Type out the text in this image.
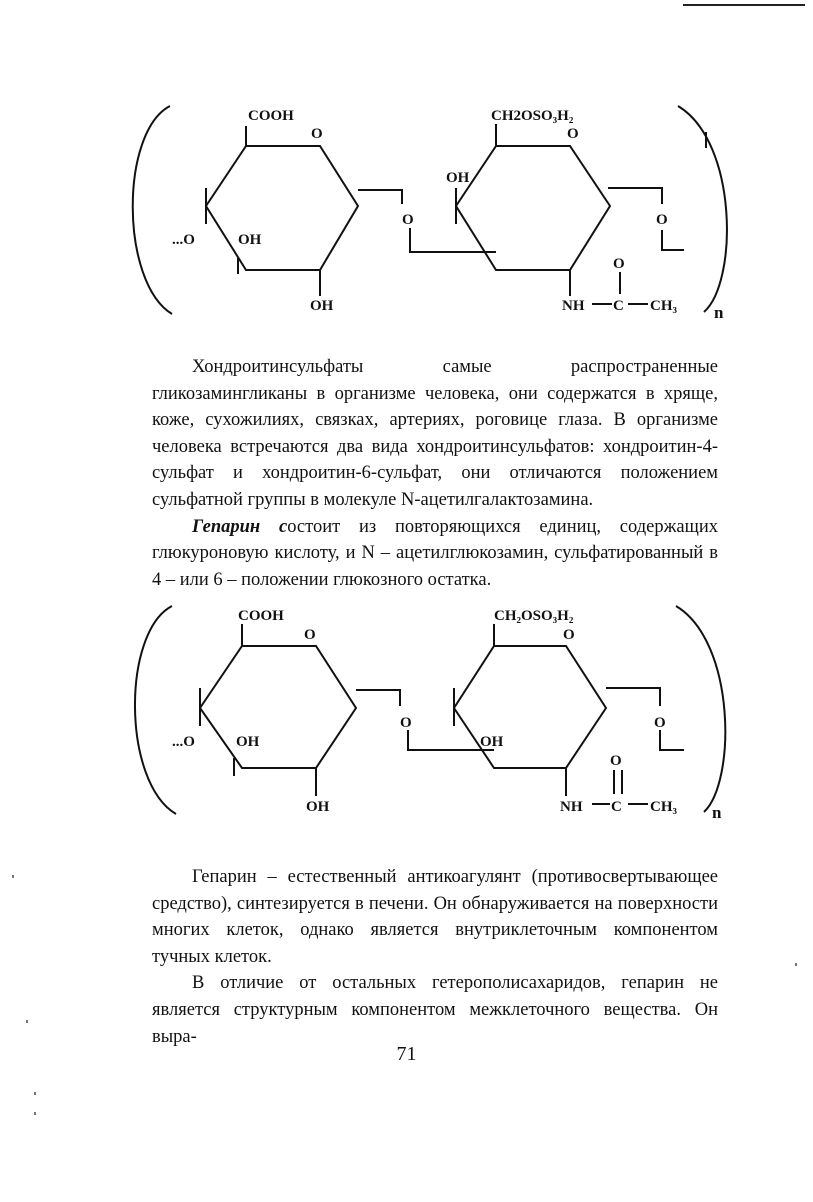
COOH
O
CH2OSO₃H₂
O
OH
...O	OH
O	O
O
OH	NH C CH₃ n

Хондроитинсульфаты самые распространенные гликозамингликаны в организме человека, они содержатся в хряще, коже, сухожилиях, связках, артериях, роговице глаза. В организме человека встречаются два вида хондроитинсульфатов: хондроитин-4-сульфат и хондроитин-6-сульфат, они отличаются положением сульфатной группы в молекуле N-ацетилгалактозамина.

Гепарин состоит из повторяющихся единиц, содержащих глюкуроновую кислоту, и N – ацетилглюкозамин, сульфатированный в 4 – или 6 – положении глюкозного остатка.

COOH
O
CH₂OSO₃H₂
O
OH
...O	OH
O	O
O
OH	NH C CH₃ n

Гепарин – естественный антикоагулянт (противосвертывающее средство), синтезируется в печени. Он обнаруживается на поверхности многих клеток, однако является внутриклеточным компонентом тучных клеток.

В отличие от остальных гетерополисахаридов, гепарин не является структурным компонентом межклеточного вещества. Он выра-

71
